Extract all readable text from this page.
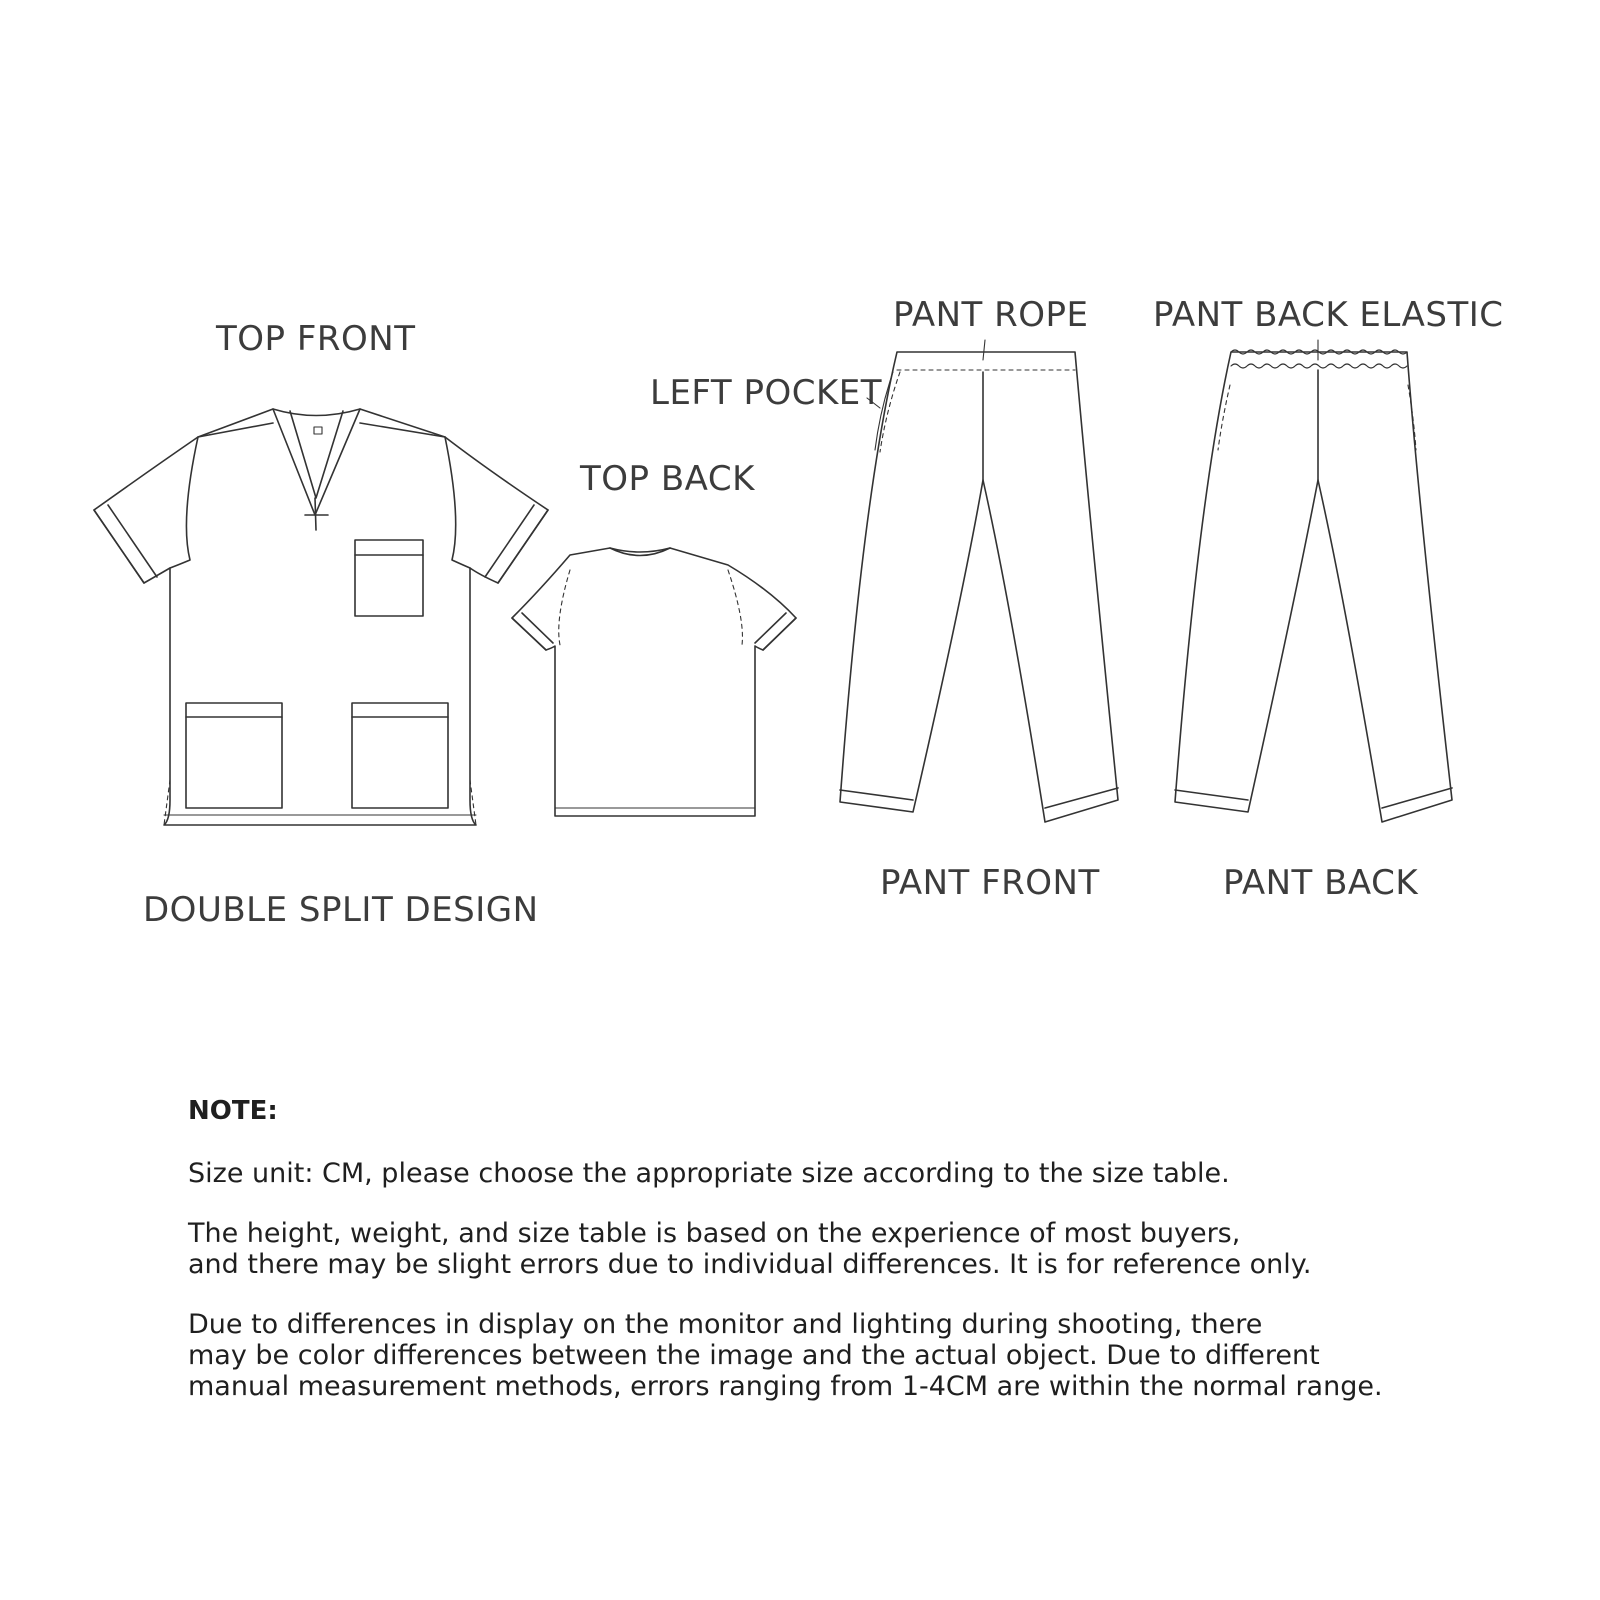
TOP FRONT
TOP BACK
PANT ROPE PANT BACK ELASTIC
LEFT POCKET
DOUBLE SPLIT DESIGN
PANT FRONT	PANT BACK
NOTE:
Size unit: CM, please choose the appropriate size according to the size table.
The height, weight, and size table is based on the experience of most buyers,
and there may be slight errors due to individual differences. It is for reference only.
Due to differences in display on the monitor and lighting during shooting, there
may be color differences between the image and the actual object. Due to different
manual measurement methods, errors ranging from 1-4CM are within the normal range.
